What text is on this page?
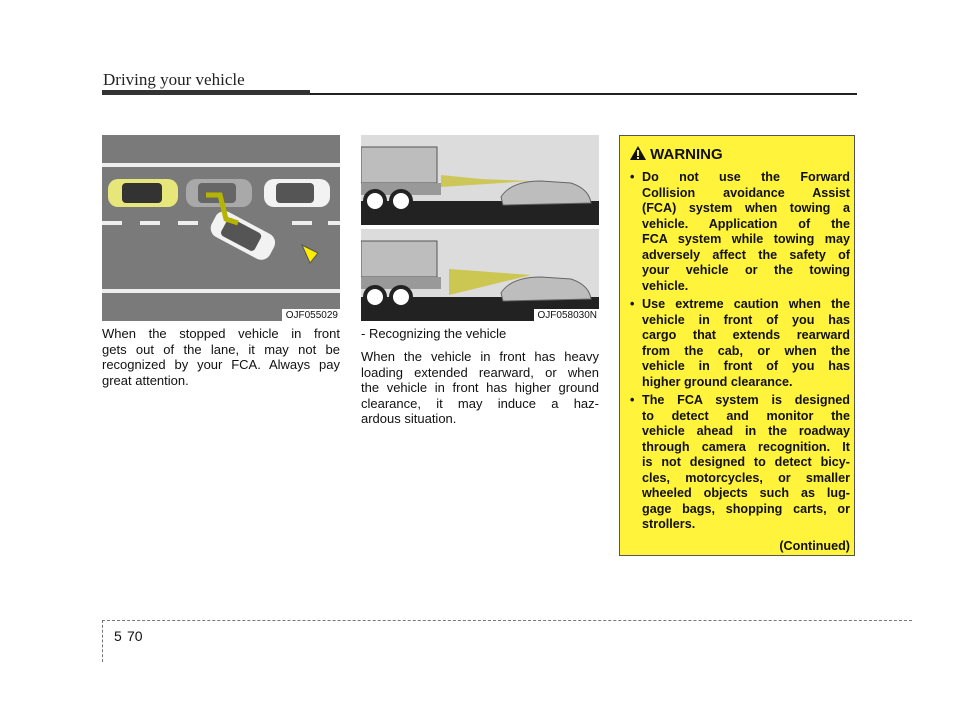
Driving your vehicle
OJF055029	OJF058030N
When the stopped vehicle in front
gets out of the lane, it may not be
recognized by your FCA. Always pay
great attention.
- Recognizing the vehicle
When the vehicle in front has heavy
loading extended rearward, or when
the vehicle in front has higher ground
clearance, it may induce a haz-
ardous situation.
WARNING
• Do not use the Forward
Collision avoidance Assist
(FCA) system when towing a
vehicle. Application of the
FCA system while towing may
adversely affect the safety of
your vehicle or the towing
vehicle.
• Use extreme caution when the
vehicle in front of you has
cargo that extends rearward
from the cab, or when the
vehicle in front of you has
higher ground clearance.
• The FCA system is designed
to detect and monitor the
vehicle ahead in the roadway
through camera recognition. It
is not designed to detect bicy-
cles, motorcycles, or smaller
wheeled objects such as lug-
gage bags, shopping carts, or
strollers.
(Continued)
5 70
